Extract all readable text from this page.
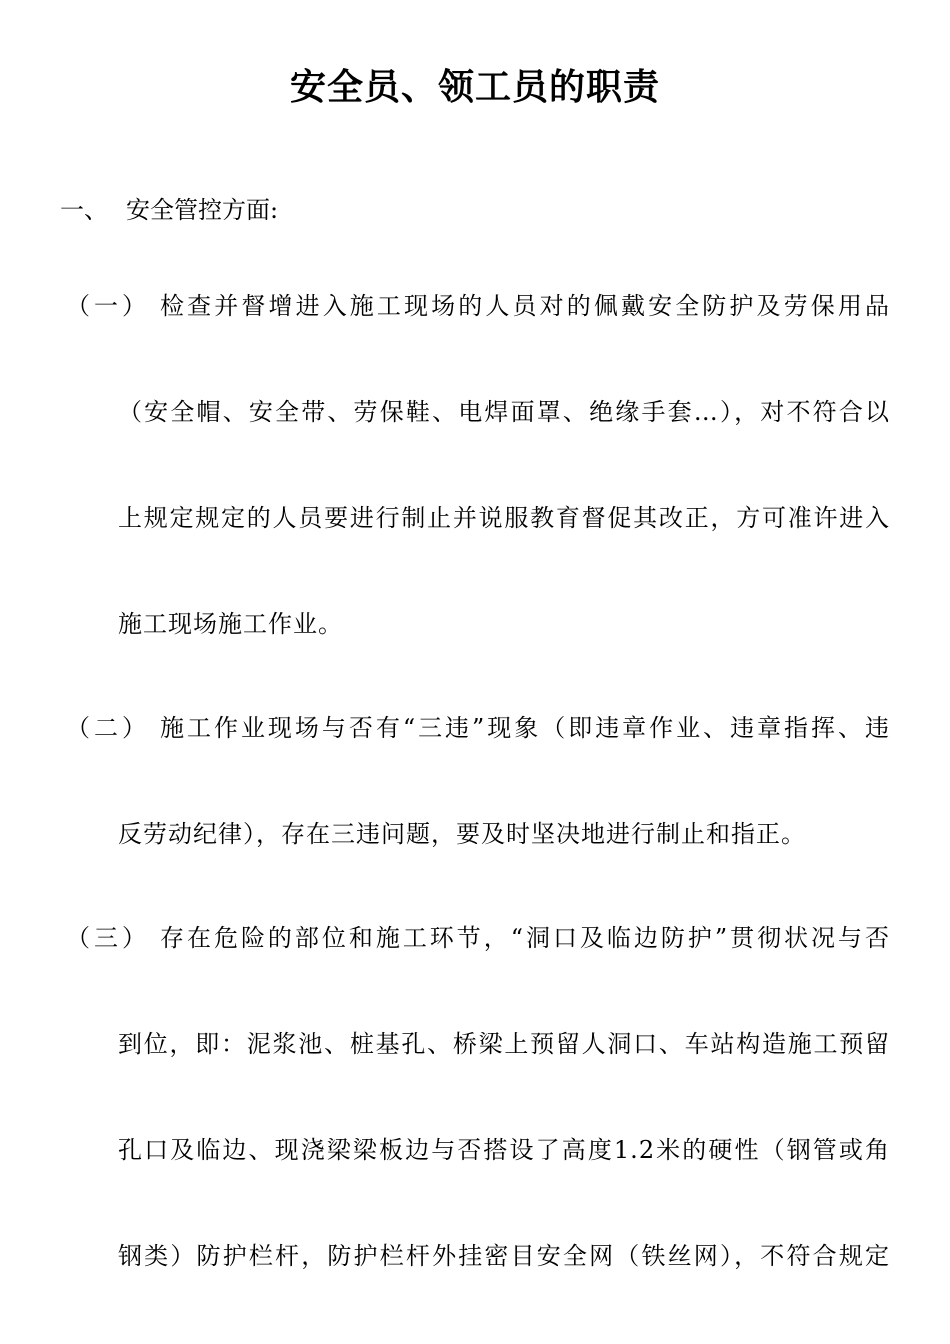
安全员、领工员的职责
一、 安全管控方面:
（一） 检查并督增进入施工现场的人员对的佩戴安全防护及劳保用品
（安全帽、安全带、劳保鞋、电焊面罩、绝缘手套…），对不符合以
上规定规定的人员要进行制止并说服教育督促其改正，方可准许进入
施工现场施工作业。
（二） 施工作业现场与否有“三违”现象（即违章作业、违章指挥、违
反劳动纪律），存在三违问题，要及时坚决地进行制止和指正。
（三） 存在危险的部位和施工环节，“洞口及临边防护”贯彻状况与否
到位，即：泥浆池、桩基孔、桥梁上预留人洞口、车站构造施工预留
孔口及临边、现浇梁梁板边与否搭设了高度1.2米的硬性（钢管或角
钢类）防护栏杆，防护栏杆外挂密目安全网（铁丝网），不符合规定
